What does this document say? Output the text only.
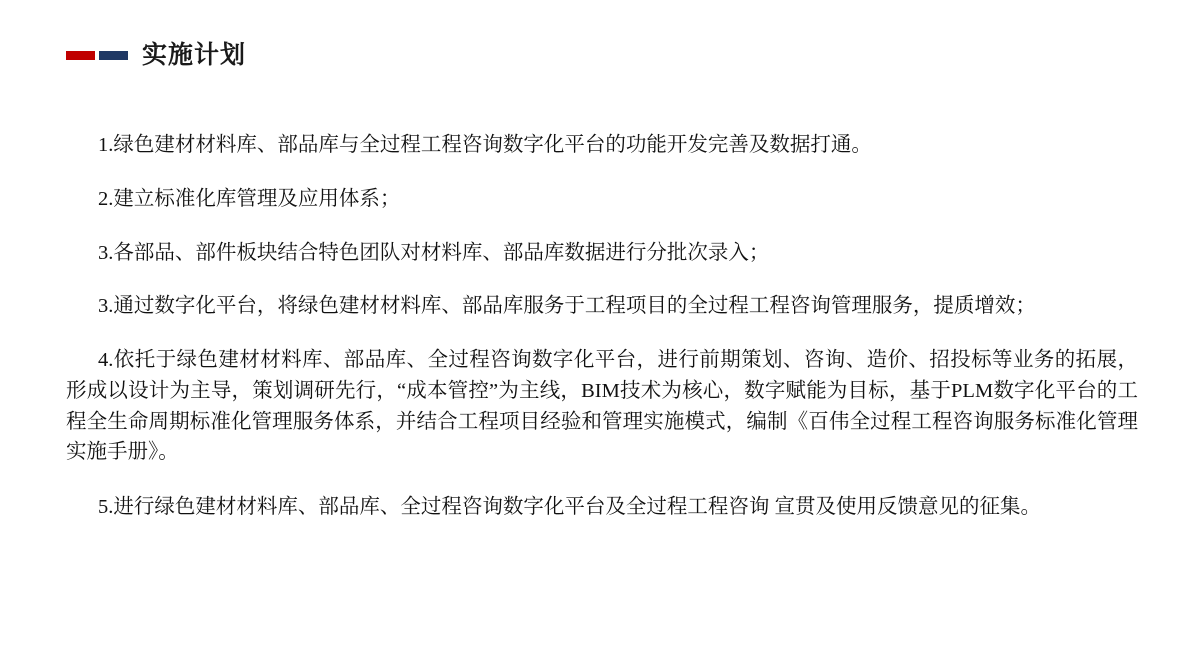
实施计划

1.绿色建材材料库、部品库与全过程工程咨询数字化平台的功能开发完善及数据打通。

2.建立标准化库管理及应用体系；

3.各部品、部件板块结合特色团队对材料库、部品库数据进行分批次录入；

3.通过数字化平台，将绿色建材材料库、部品库服务于工程项目的全过程工程咨询管理服务，提质增效；

4.依托于绿色建材材料库、部品库、全过程咨询数字化平台，进行前期策划、咨询、造价、招投标等业务的拓展，形成以设计为主导，策划调研先行，“成本管控”为主线，BIM技术为核心，数字赋能为目标，基于PLM数字化平台的工程全生命周期标准化管理服务体系，并结合工程项目经验和管理实施模式，编制《百伟全过程工程咨询服务标准化管理实施手册》。

5.进行绿色建材材料库、部品库、全过程咨询数字化平台及全过程工程咨询 宣贯及使用反馈意见的征集。
